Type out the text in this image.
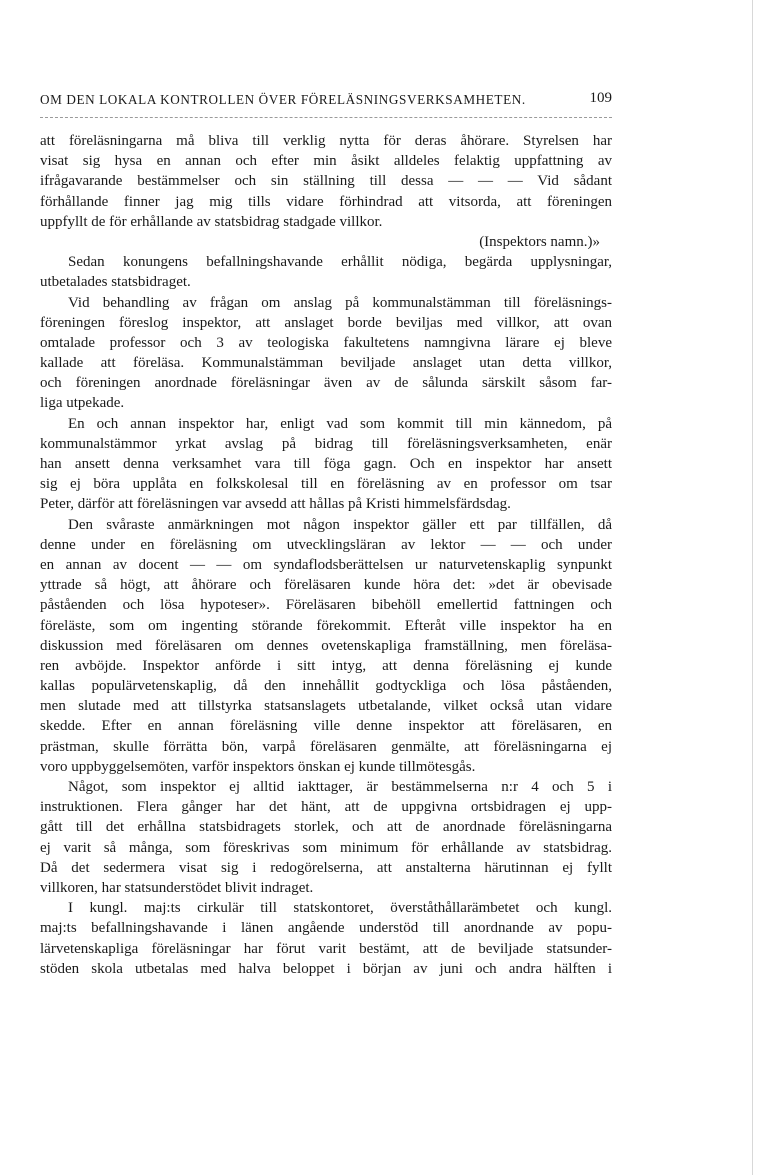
OM DEN LOKALA KONTROLLEN ÖVER FÖRELÄSNINGSVERKSAMHETEN.	109
att föreläsningarna må bliva till verklig nytta för deras åhörare. Styrelsen har
visat sig hysa en annan och efter min åsikt alldeles felaktig uppfattning av
ifrågavarande bestämmelser och sin ställning till dessa — — — Vid sådant
förhållande finner jag mig tills vidare förhindrad att vitsorda, att föreningen
uppfyllt de för erhållande av statsbidrag stadgade villkor.
(Inspektors namn.)»
Sedan konungens befallningshavande erhållit nödiga, begärda upplysningar,
utbetalades statsbidraget.
Vid behandling av frågan om anslag på kommunalstämman till föreläsnings-
föreningen föreslog inspektor, att anslaget borde beviljas med villkor, att ovan
omtalade professor och 3 av teologiska fakultetens namngivna lärare ej bleve
kallade att föreläsa. Kommunalstämman beviljade anslaget utan detta villkor,
och föreningen anordnade föreläsningar även av de sålunda särskilt såsom far-
liga utpekade.
En och annan inspektor har, enligt vad som kommit till min kännedom, på
kommunalstämmor yrkat avslag på bidrag till föreläsningsverksamheten, enär
han ansett denna verksamhet vara till föga gagn. Och en inspektor har ansett
sig ej böra upplåta en folkskolesal till en föreläsning av en professor om tsar
Peter, därför att föreläsningen var avsedd att hållas på Kristi himmelsfärdsdag.
Den svåraste anmärkningen mot någon inspektor gäller ett par tillfällen, då
denne under en föreläsning om utvecklingsläran av lektor — — och under
en annan av docent — — om syndaflodsberättelsen ur naturvetenskaplig synpunkt
yttrade så högt, att åhörare och föreläsaren kunde höra det: »det är obevisade
påståenden och lösa hypoteser». Föreläsaren bibehöll emellertid fattningen och
föreläste, som om ingenting störande förekommit. Efteråt ville inspektor ha en
diskussion med föreläsaren om dennes ovetenskapliga framställning, men föreläsa-
ren avböjde. Inspektor anförde i sitt intyg, att denna föreläsning ej kunde
kallas populärvetenskaplig, då den innehållit godtyckliga och lösa påståenden,
men slutade med att tillstyrka statsanslagets utbetalande, vilket också utan vidare
skedde. Efter en annan föreläsning ville denne inspektor att föreläsaren, en
prästman, skulle förrätta bön, varpå föreläsaren genmälte, att föreläsningarna ej
voro uppbyggelsemöten, varför inspektors önskan ej kunde tillmötesgås.
Något, som inspektor ej alltid iakttager, är bestämmelserna n:r 4 och 5 i
instruktionen. Flera gånger har det hänt, att de uppgivna ortsbidragen ej upp-
gått till det erhållna statsbidragets storlek, och att de anordnade föreläsningarna
ej varit så många, som föreskrivas som minimum för erhållande av statsbidrag.
Då det sedermera visat sig i redogörelserna, att anstalterna härutinnan ej fyllt
villkoren, har statsunderstödet blivit indraget.
I kungl. maj:ts cirkulär till statskontoret, överståthållarämbetet och kungl.
maj:ts befallningshavande i länen angående understöd till anordnande av popu-
lärvetenskapliga föreläsningar har förut varit bestämt, att de beviljade statsunder-
stöden skola utbetalas med halva beloppet i början av juni och andra hälften i
